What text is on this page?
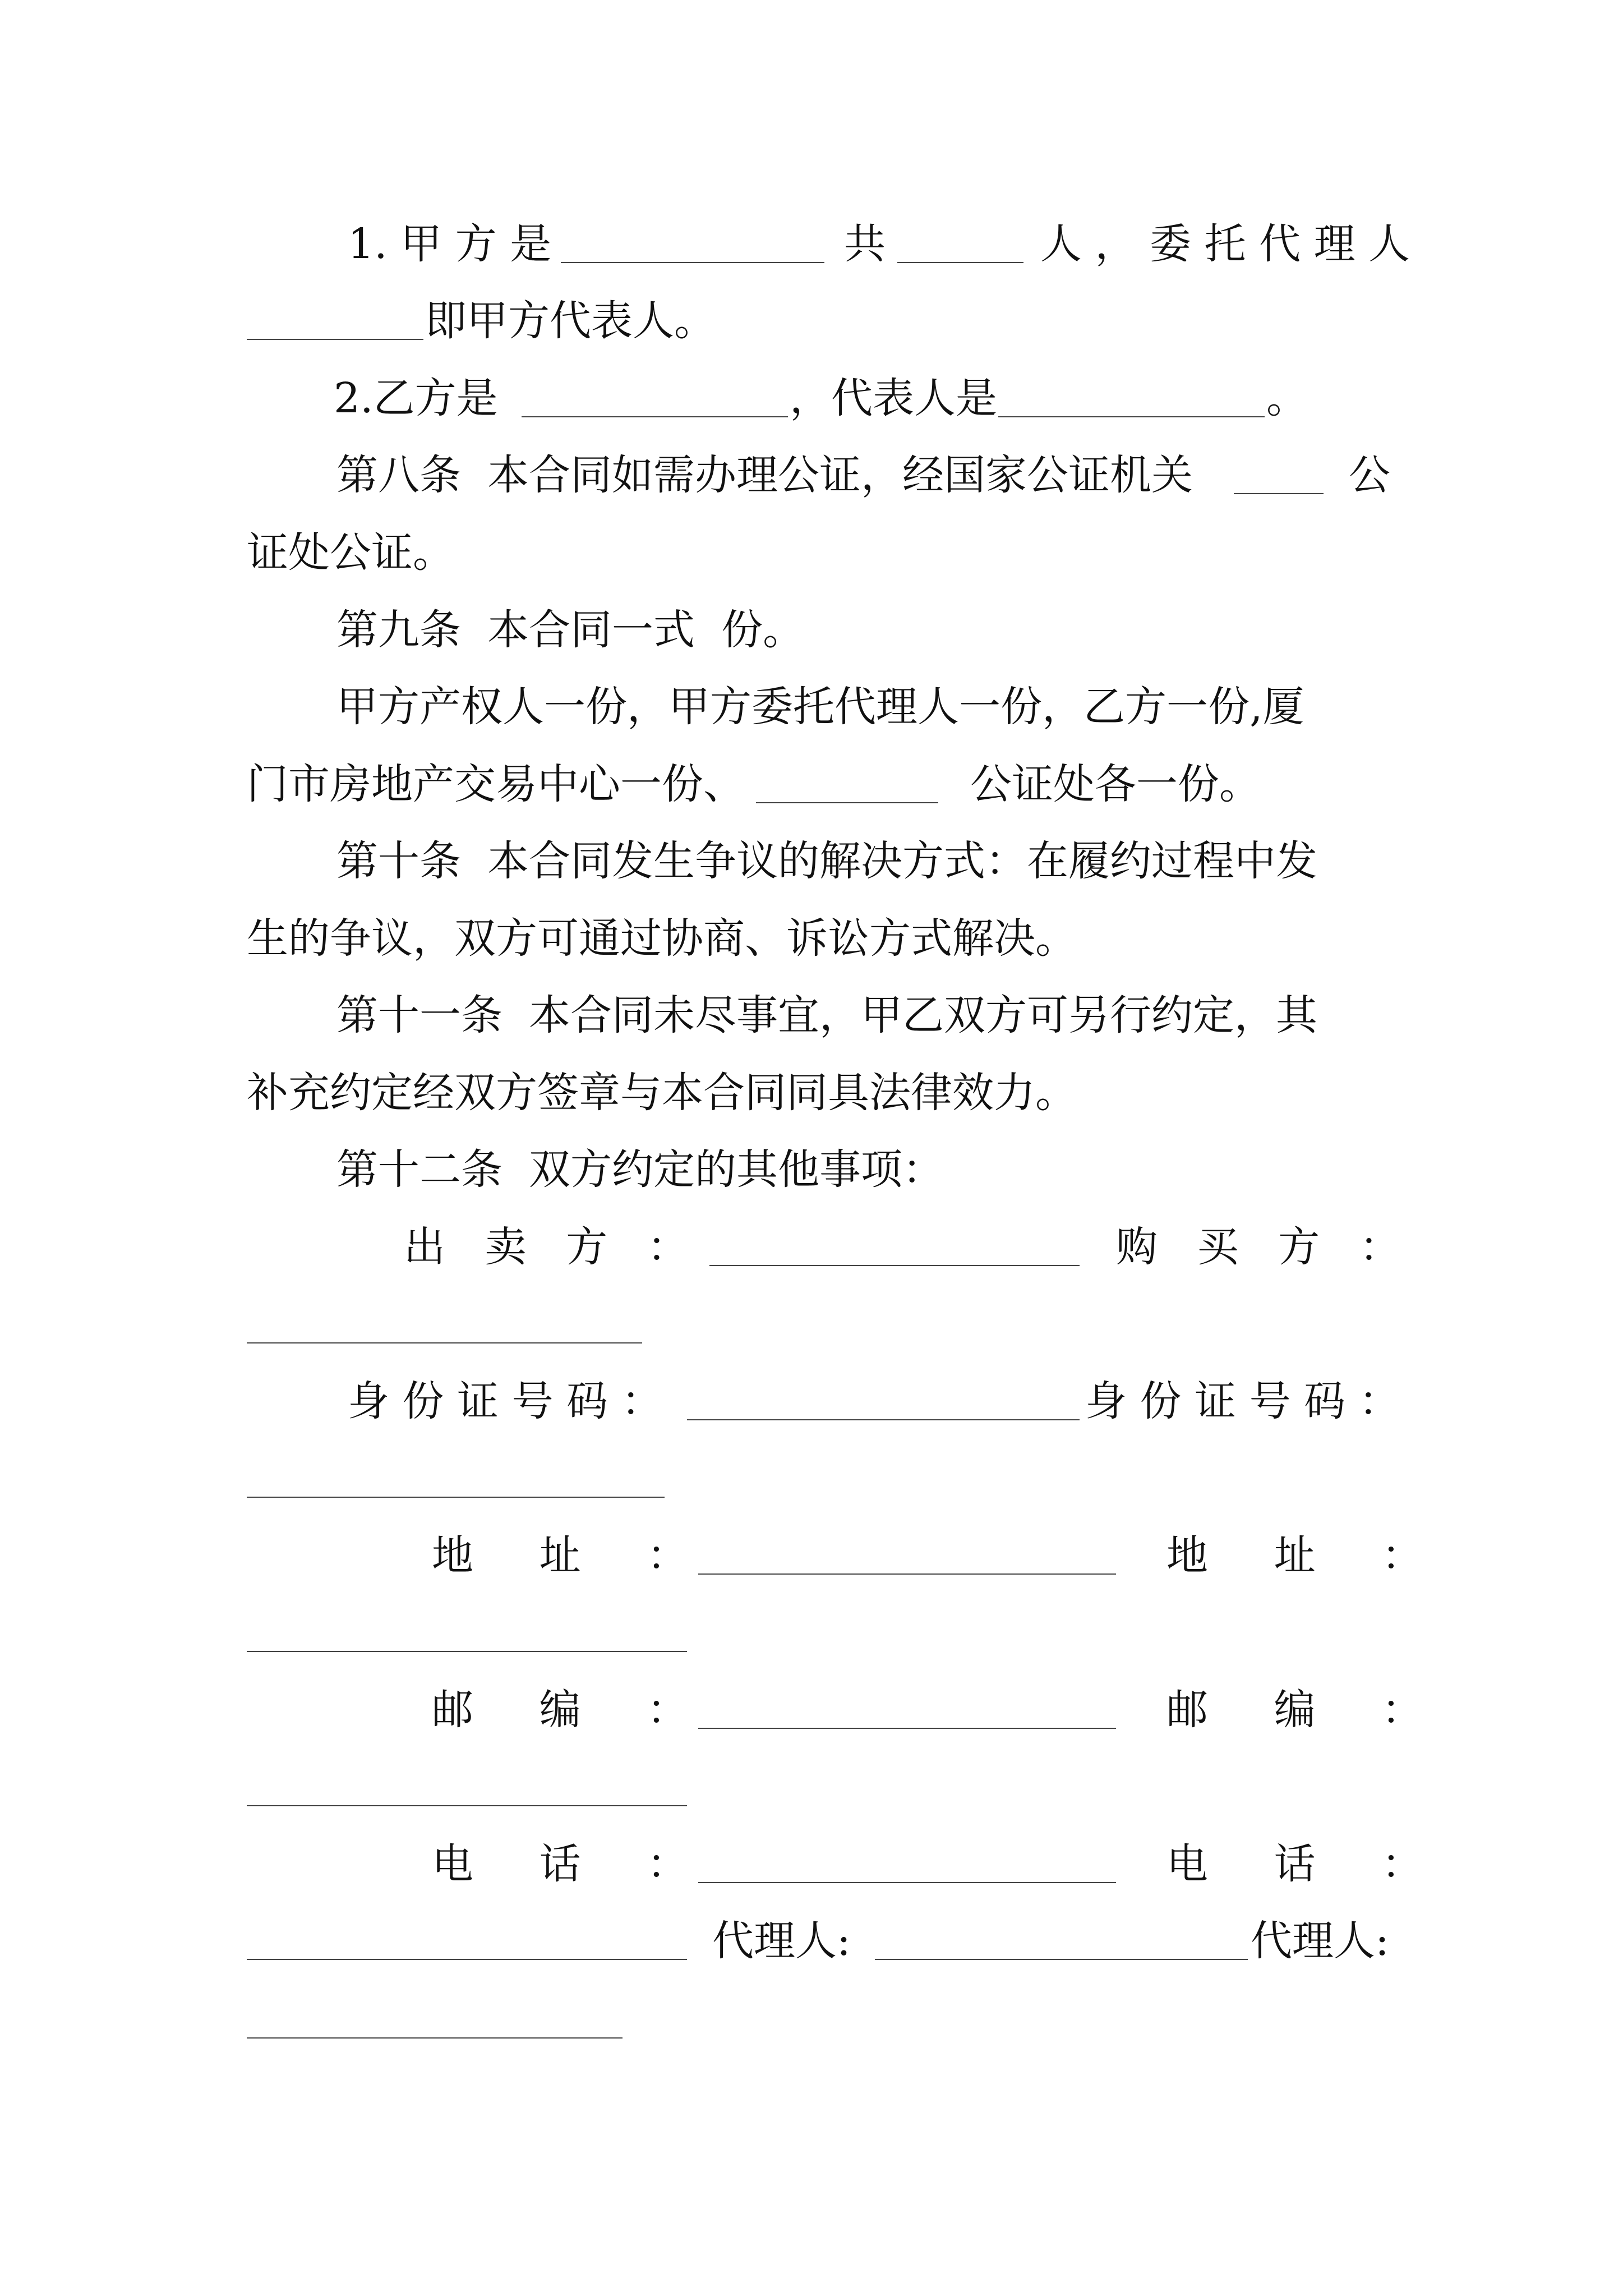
1. 甲 方 是	共	人 ， 委 托 代 理 人
即甲方代表人。
2.乙方是	，代表人是	。
第八条  本合同如需办理公证，经国家公证机关	公
证处公证。
第九条  本合同一式  份。
甲方产权人一份，甲方委托代理人一份，乙方一份,厦
门市房地产交易中心一份、	公证处各一份。
第十条  本合同发生争议的解决方式：在履约过程中发
生的争议，双方可通过协商、诉讼方式解决。
第十一条  本合同未尽事宜，甲乙双方可另行约定，其
补充约定经双方签章与本合同同具法律效力。
第十二条  双方约定的其他事项：
出   卖   方   ：	购   买   方   ：
身 份 证 号 码 ：	身 份 证 号 码 ：
地     址     ：	地     址     ：
邮     编     ：	邮     编     ：
电     话     ：	电     话     ：
代理人:	代理人:
